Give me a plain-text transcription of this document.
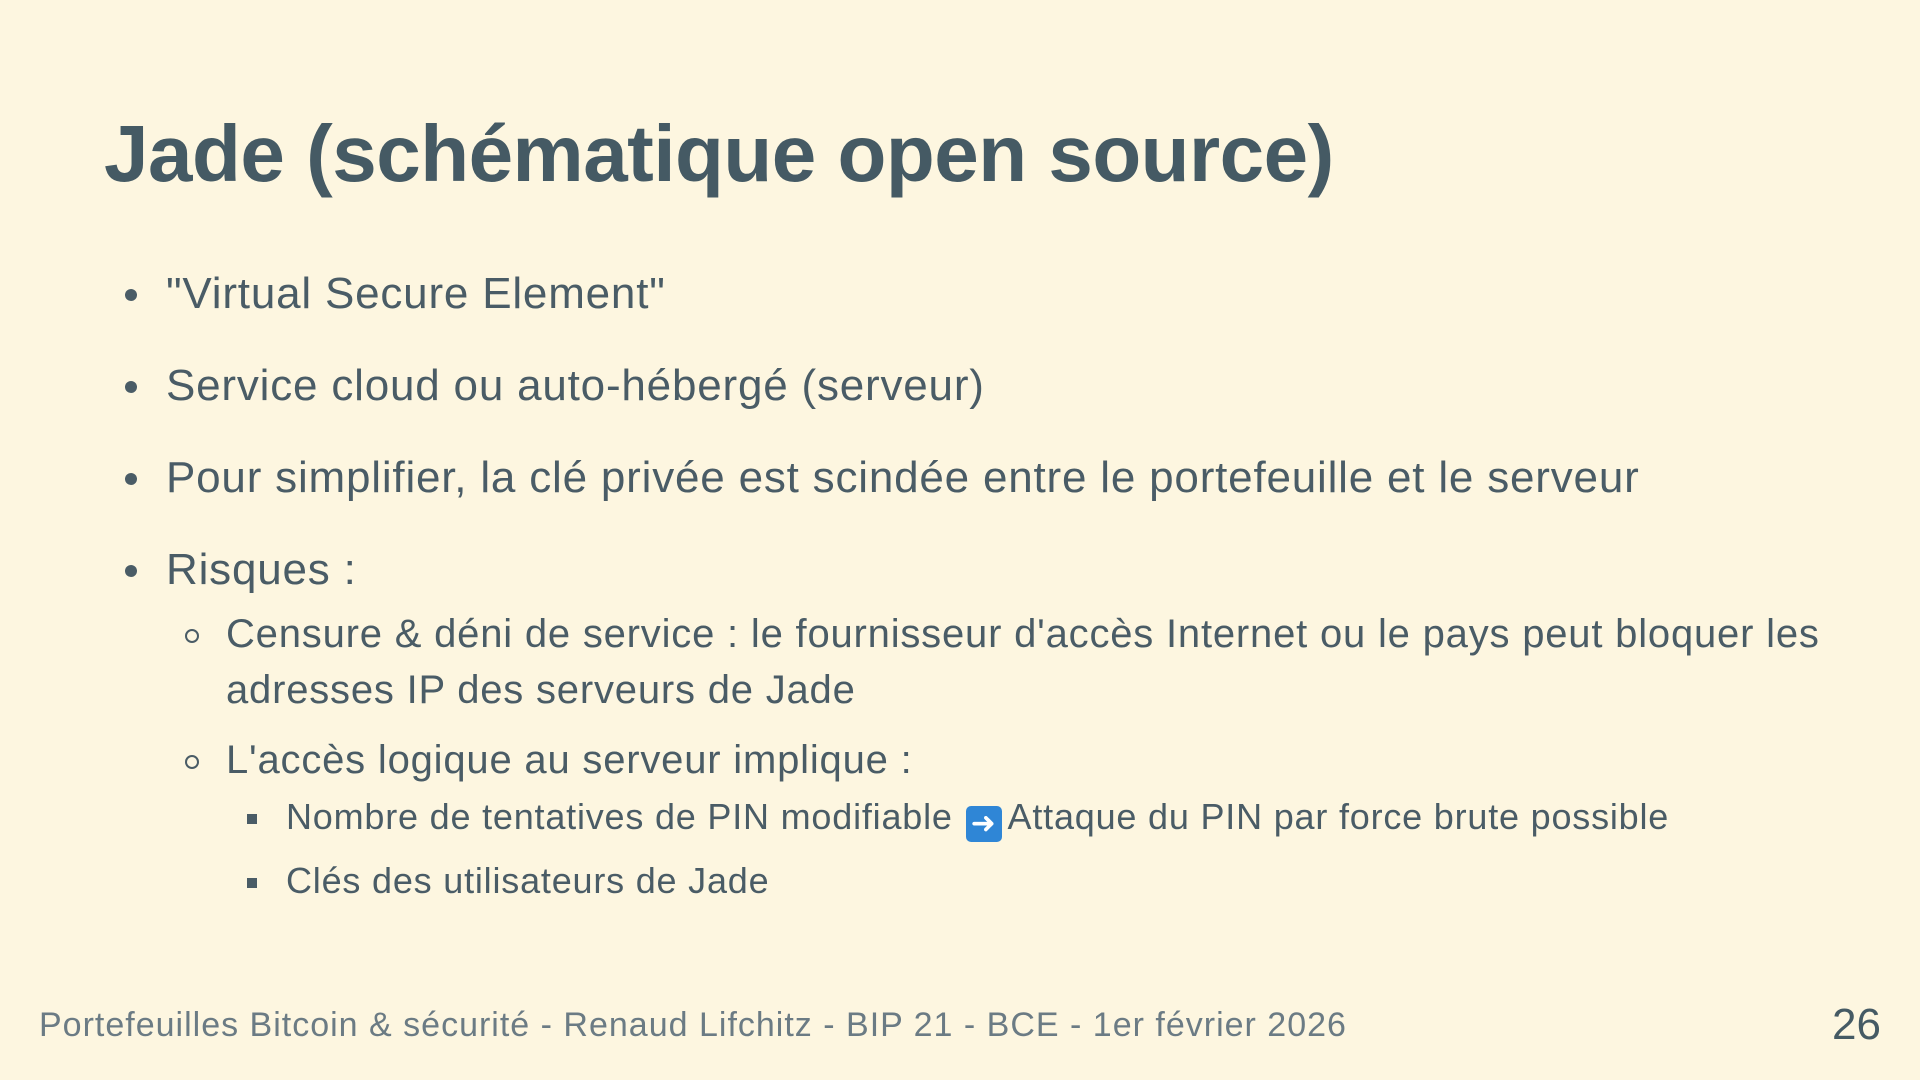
Jade (schématique open source)
"Virtual Secure Element"
Service cloud ou auto-hébergé (serveur)
Pour simplifier, la clé privée est scindée entre le portefeuille et le serveur
Risques :
Censure & déni de service : le fournisseur d'accès Internet ou le pays peut bloquer les adresses IP des serveurs de Jade
L'accès logique au serveur implique :
Nombre de tentatives de PIN modifiable ➜ Attaque du PIN par force brute possible
Clés des utilisateurs de Jade
Portefeuilles Bitcoin & sécurité - Renaud Lifchitz - BIP 21 - BCE - 1er février 2026	26
